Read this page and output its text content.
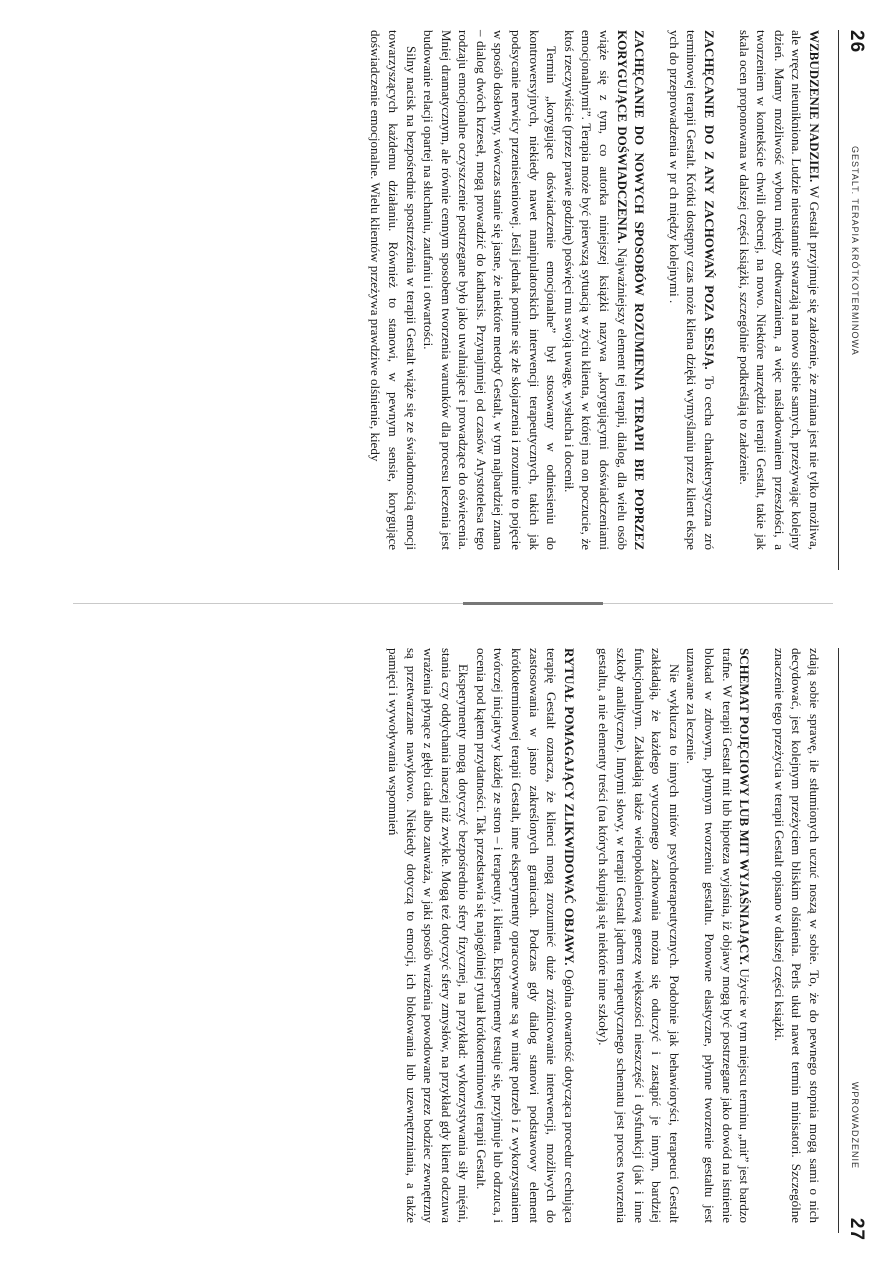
26
GESTALT. TERAPIA KRÓTKOTERMINOWA

WZBUDZENIE NADZIEI. W Gestalt przyjmuje się założenie, że zmiana jest nie tylko możliwa, ale wręcz nieunikniona. Ludzie nieustannie stwarzają na nowo siebie samych, przeżywając kolejny dzień. Mamy możliwość wyboru między odtwarzaniem, a więc naśladowaniem przeszłości, a tworzeniem w kontekście chwili obecnej, na nowo. Niektóre narzędzia terapii Gestalt, takie jak skala ocen proponowana w dalszej części książki, szczególnie podkreślają to założenie.

ZACHĘCANIE DO Z ANY ZACHOWAŃ POZA SESJĄ. To cecha charakterystyczna zró terminowej terapii Gestalt. Krótki dostępny czas może kliena dzięki wymyślaniu przez klient ekspe ych do przeprowadzenia w pr ch między kolejnymi .

ZACHĘCANIE DO NOWYCH SPOSOBÓW ROZUMIENIA TERAPII BIE POPRZEZ KORYGUJĄCE DOŚWIADCZENIA. Najważniejszy element tej terapii, dialog, dla wielu osób wiąże się z tym, co autorka niniejszej książki nazywa „korygującymi doświadczeniami emocjonalnymi”. Terapia może być pierwszą sytuacją w życiu klienta, w której ma on poczucie, że ktoś rzeczywiście (przez prawie godzinę) poświęci mu swoją uwagę, wysłucha i docenił.

Termin „korygujące doświadczenie emocjonalne” był stosowany w odniesieniu do kontrowersyjnych, niekiedy nawet manipulatorskich interwencji terapeutycznych, takich jak podsycanie nerwicy przeniesieniowej. Jeśli jednak pomine się złe skojarzenia i zrozumie to pojęcie w sposób dosłowny, wówczas stanie się jasne, że niektóre metody Gestalt, w tym najbardziej znana – dialog dwóch krzeseł, mogą prowadzić do katharsis. Przynajmniej od czasów Arystotelesa tego rodzaju emocjonalne oczyszczenie postrzegane było jako uwalniające i prowadzące do oświecenia. Mniej dramatycznym, ale równie cennym sposobem tworzenia warunków dla procesu leczenia jest budowanie relacji opartej na słuchaniu, zaufaniu i otwartości.

Silny nacisk na bezpośrednie spostrzeżenia w terapii Gestalt wiąże się ze świadomością emocji towarzyszących każdemu działaniu. Również to stanowi, w pewnym sensie, korygujące doświadczenie emocjonalne. Wielu klientów przeżywa prawdziwe olśnienie, kiedy

WPROWADZENIE
27

zdają sobie sprawę, ile stłumionych uczuć noszą w sobie. To, że do pewnego stopnia mogą sami o nich decydować, jest kolejnym przeżyciem bliskim olśnienia. Perls ukuł nawet termin minisatori. Szczególne znaczenie tego przeżycia w terapii Gestalt opisano w dalszej części książki.

SCHEMAT POJĘCIOWY LUB MIT WYJAŚNIAJĄCY. Użycie w tym miejscu terminu „mit” jest bardzo trafne. W terapii Gestalt mit lub hipoteza wyjaśnia, iż objawy mogą być postrzegane jako dowód na istnienie blokad w zdrowym, płynnym tworzeniu gestaltu. Ponowne elastyczne, płynne tworzenie gestaltu jest uznawane za leczenie.

Nie wyklucza to innych mitów psychoterapeutycznych. Podobnie jak behawioryści, terapeuci Gestalt zakładają, że każdego wyuczonego zachowania można się oduczyć i zastąpić je innym, bardziej funkcjonalnym. Zakładają także wielopokoleniową genezę większości nieszczęść i dysfunkcji (jak i inne szkoły analityczne). Innymi słowy, w terapii Gestalt jądrem terapeutycznego schematu jest proces tworzenia gestaltu, a nie elementy treści (na których skupiają się niektóre inne szkoły).

RYTUAŁ POMAGAJĄCY ZLIKWIDOWAĆ OBJAWY. Ogólna otwartość dotycząca procedur cechująca terapię Gestalt oznacza, że klienci mogą zrozumieć duże zróżnicowanie interwencji, możliwych do zastosowania w jasno zakreślonych granicach. Podczas gdy dialog stanowi podstawowy element krótkoterminowej terapii Gestalt, inne eksperymenty opracowywane są w miarę potrzeb i z wykorzystaniem twórczej inicjatywy każdej ze stron – i terapeuty, i klienta. Eksperymenty testuje się, przyjmuje lub odrzuca, i ocenia pod kątem przydatności. Tak przedstawia się najogólniej rytuał krótkoterminowej terapii Gestalt.

Eksperymenty mogą dotyczyć bezpośrednio sfery fizycznej, na przykład: wykorzystywania siły mięśni, stania czy oddychania inaczej niż zwykle. Mogą też dotyczyć sfery zmysłów, na przykład gdy klient odczuwa wrażenia płynące z głębi ciała albo zauważa, w jaki sposób wrażenia powodowane przez bodziec zewnętrzny są przetwarzane nawykowo. Niekiedy dotyczą to emocji, ich blokowania lub uzewnętrzniania, a także pamięci i wywoływania wspomnień
